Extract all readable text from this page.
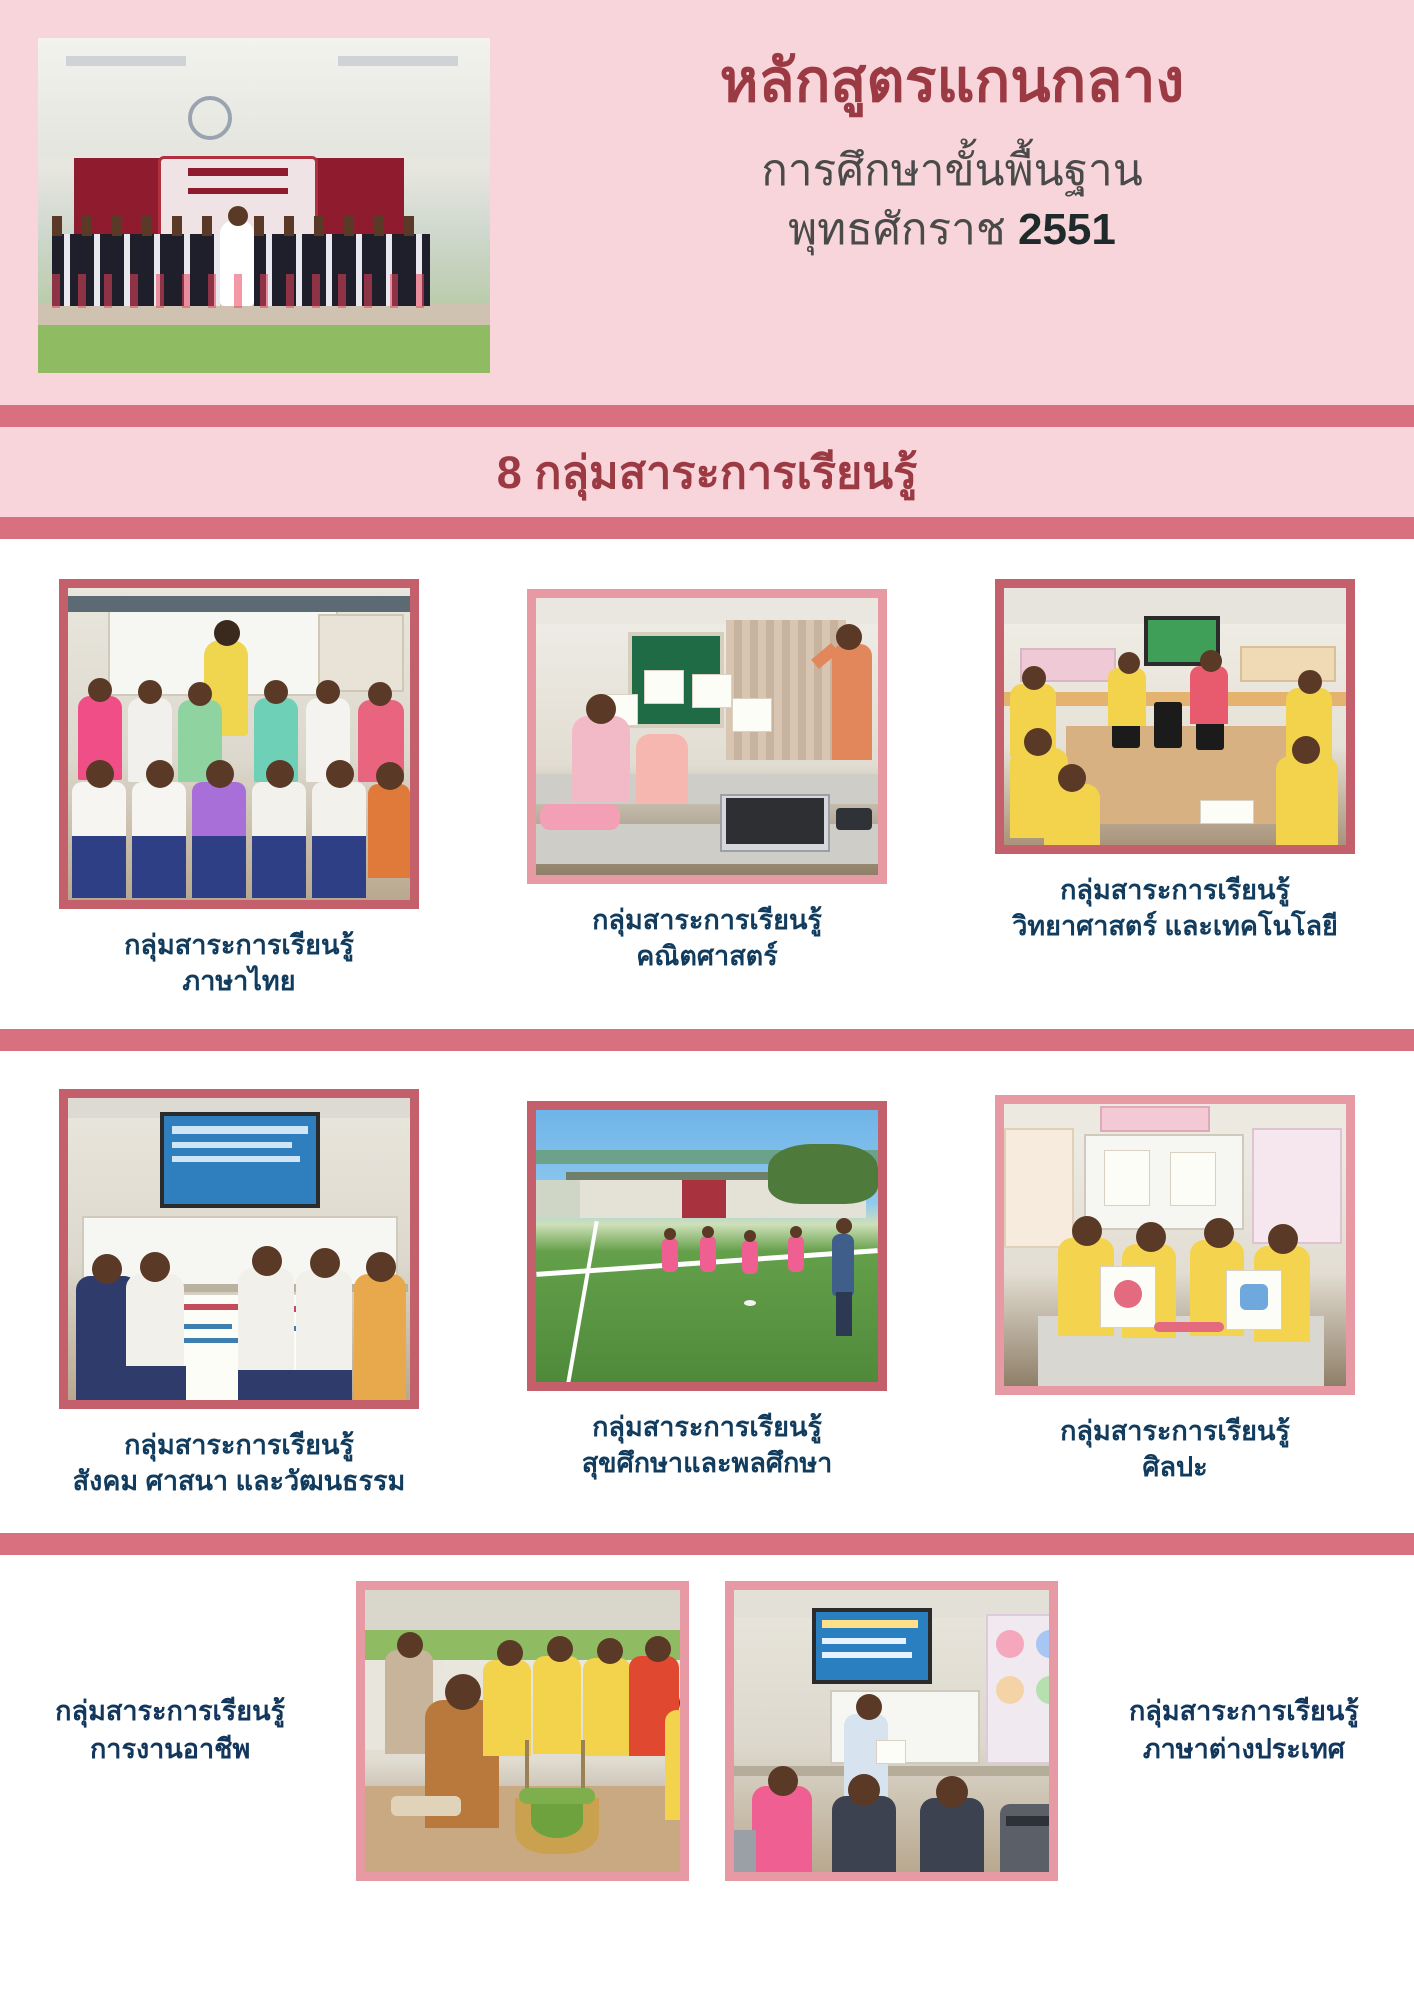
หลักสูตรแกนกลาง
การศึกษาขั้นพื้นฐาน
พุทธศักราช 2551
8 กลุ่มสาระการเรียนรู้
กลุ่มสาระการเรียนรู้
ภาษาไทย
กลุ่มสาระการเรียนรู้
คณิตศาสตร์
กลุ่มสาระการเรียนรู้
วิทยาศาสตร์ และเทคโนโลยี
กลุ่มสาระการเรียนรู้
สังคม ศาสนา และวัฒนธรรม
กลุ่มสาระการเรียนรู้
สุขศึกษาและพลศึกษา
กลุ่มสาระการเรียนรู้
ศิลปะ
กลุ่มสาระการเรียนรู้
การงานอาชีพ
กลุ่มสาระการเรียนรู้
ภาษาต่างประเทศ
